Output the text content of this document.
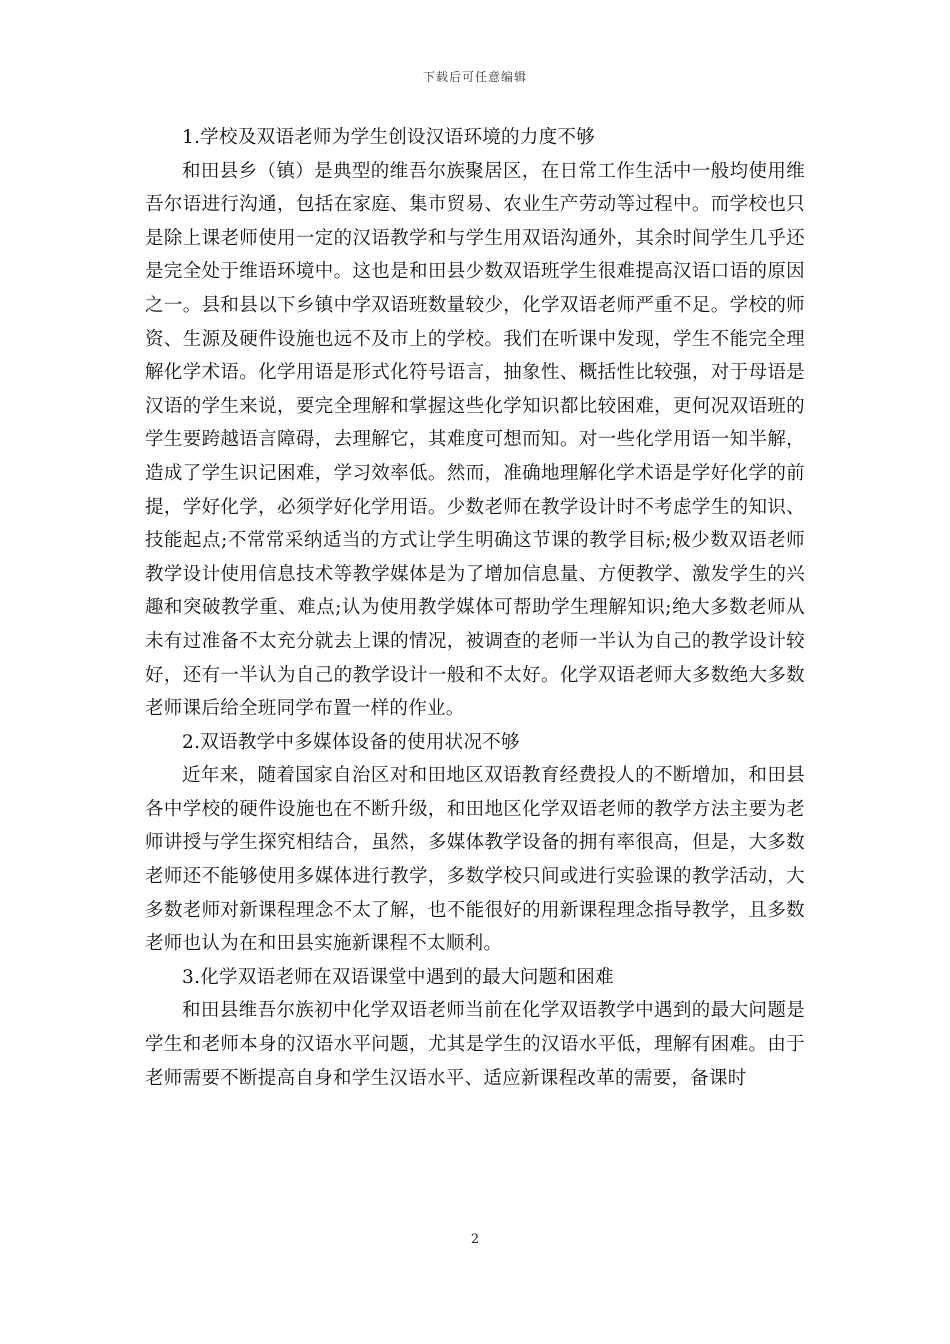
下载后可任意编辑

1.学校及双语老师为学生创设汉语环境的力度不够

和田县乡（镇）是典型的维吾尔族聚居区，在日常工作生活中一般均使用维吾尔语进行沟通，包括在家庭、集市贸易、农业生产劳动等过程中。而学校也只是除上课老师使用一定的汉语教学和与学生用双语沟通外，其余时间学生几乎还是完全处于维语环境中。这也是和田县少数双语班学生很难提高汉语口语的原因之一。县和县以下乡镇中学双语班数量较少，化学双语老师严重不足。学校的师资、生源及硬件设施也远不及市上的学校。我们在听课中发现，学生不能完全理解化学术语。化学用语是形式化符号语言，抽象性、概括性比较强，对于母语是汉语的学生来说，要完全理解和掌握这些化学知识都比较困难，更何况双语班的学生要跨越语言障碍，去理解它，其难度可想而知。对一些化学用语一知半解，造成了学生识记困难，学习效率低。然而，准确地理解化学术语是学好化学的前提，学好化学，必须学好化学用语。少数老师在教学设计时不考虑学生的知识、技能起点;不常常采纳适当的方式让学生明确这节课的教学目标;极少数双语老师教学设计使用信息技术等教学媒体是为了增加信息量、方便教学、激发学生的兴趣和突破教学重、难点;认为使用教学媒体可帮助学生理解知识;绝大多数老师从未有过准备不太充分就去上课的情况，被调查的老师一半认为自己的教学设计较好，还有一半认为自己的教学设计一般和不太好。化学双语老师大多数绝大多数老师课后给全班同学布置一样的作业。

2.双语教学中多媒体设备的使用状况不够

近年来，随着国家自治区对和田地区双语教育经费投人的不断增加，和田县各中学校的硬件设施也在不断升级，和田地区化学双语老师的教学方法主要为老师讲授与学生探究相结合，虽然，多媒体教学设备的拥有率很高，但是，大多数老师还不能够使用多媒体进行教学，多数学校只间或进行实验课的教学活动，大多数老师对新课程理念不太了解，也不能很好的用新课程理念指导教学，且多数老师也认为在和田县实施新课程不太顺利。

3.化学双语老师在双语课堂中遇到的最大问题和困难

和田县维吾尔族初中化学双语老师当前在化学双语教学中遇到的最大问题是学生和老师本身的汉语水平问题，尤其是学生的汉语水平低，理解有困难。由于老师需要不断提高自身和学生汉语水平、适应新课程改革的需要，备课时

2
